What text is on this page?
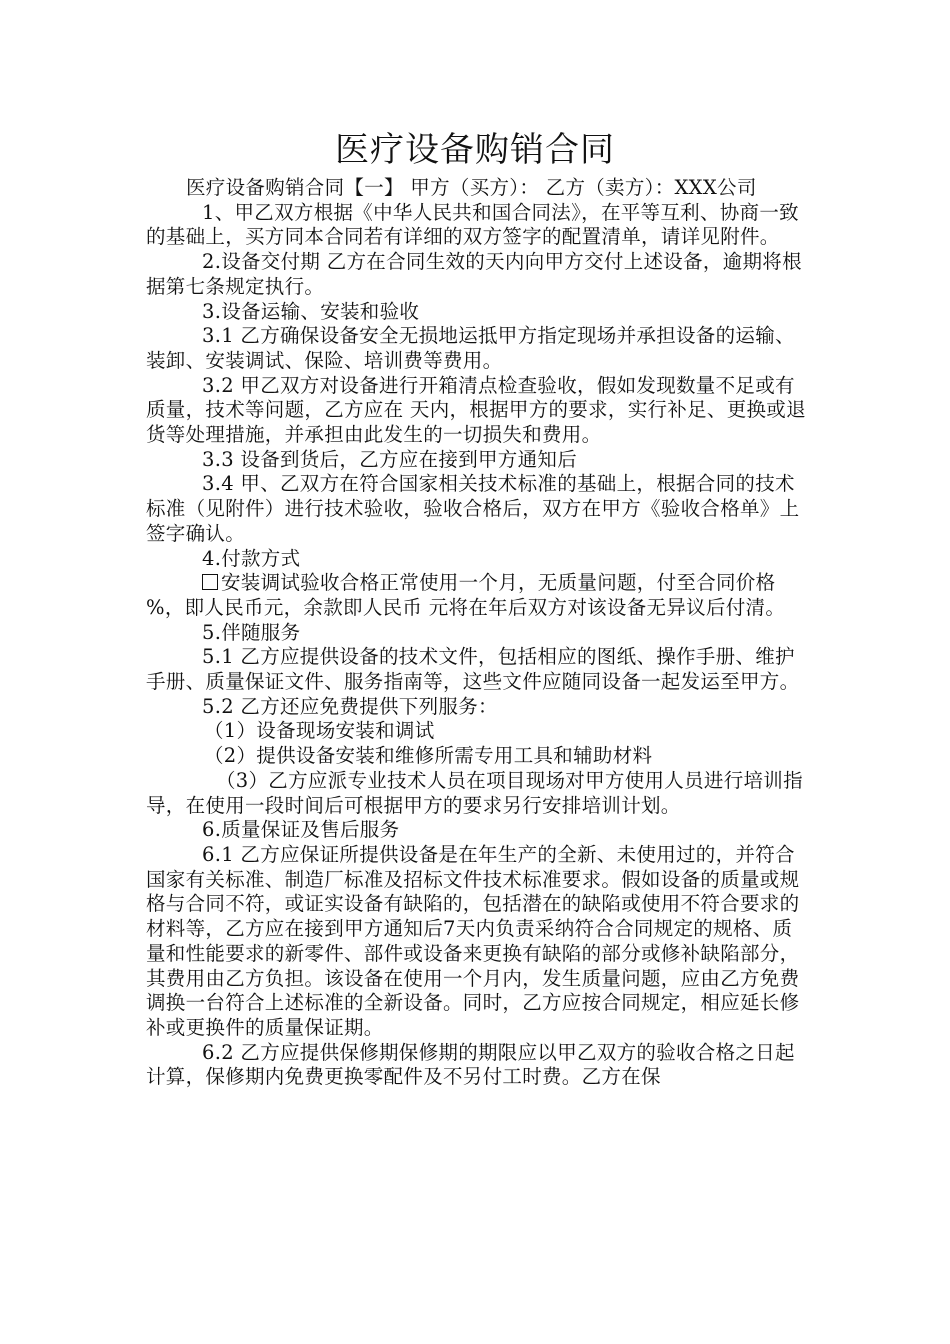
医疗设备购销合同

医疗设备购销合同【一】 甲方（买方）： 乙方（卖方）：XXX公司

1、甲乙双方根据《中华人民共和国合同法》，在平等互利、协商一致的基础上，买方同本合同若有详细的双方签字的配置清单，请详见附件。

2.设备交付期 乙方在合同生效的天内向甲方交付上述设备，逾期将根据第七条规定执行。

3.设备运输、安装和验收

3.1 乙方确保设备安全无损地运抵甲方指定现场并承担设备的运输、装卸、安装调试、保险、培训费等费用。

3.2 甲乙双方对设备进行开箱清点检查验收，假如发现数量不足或有质量，技术等问题，乙方应在 天内，根据甲方的要求，实行补足、更换或退货等处理措施，并承担由此发生的一切损失和费用。

3.3 设备到货后，乙方应在接到甲方通知后

3.4 甲、乙双方在符合国家相关技术标准的基础上，根据合同的技术标准（见附件）进行技术验收，验收合格后，双方在甲方《验收合格单》上签字确认。

4.付款方式

安装调试验收合格正常使用一个月，无质量问题，付至合同价格 %，即人民币元，余款即人民币 元将在年后双方对该设备无异议后付清。

5.伴随服务

5.1 乙方应提供设备的技术文件，包括相应的图纸、操作手册、维护手册、质量保证文件、服务指南等，这些文件应随同设备一起发运至甲方。

5.2 乙方还应免费提供下列服务：

（1）设备现场安装和调试

（2）提供设备安装和维修所需专用工具和辅助材料

（3）乙方应派专业技术人员在项目现场对甲方使用人员进行培训指导，在使用一段时间后可根据甲方的要求另行安排培训计划。

6.质量保证及售后服务

6.1 乙方应保证所提供设备是在年生产的全新、未使用过的，并符合国家有关标准、制造厂标准及招标文件技术标准要求。假如设备的质量或规格与合同不符，或证实设备有缺陷的，包括潜在的缺陷或使用不符合要求的材料等，乙方应在接到甲方通知后7天内负责采纳符合合同规定的规格、质量和性能要求的新零件、部件或设备来更换有缺陷的部分或修补缺陷部分，其费用由乙方负担。该设备在使用一个月内，发生质量问题，应由乙方免费调换一台符合上述标准的全新设备。同时，乙方应按合同规定，相应延长修补或更换件的质量保证期。

6.2 乙方应提供保修期保修期的期限应以甲乙双方的验收合格之日起计算，保修期内免费更换零配件及不另付工时费。乙方在保
